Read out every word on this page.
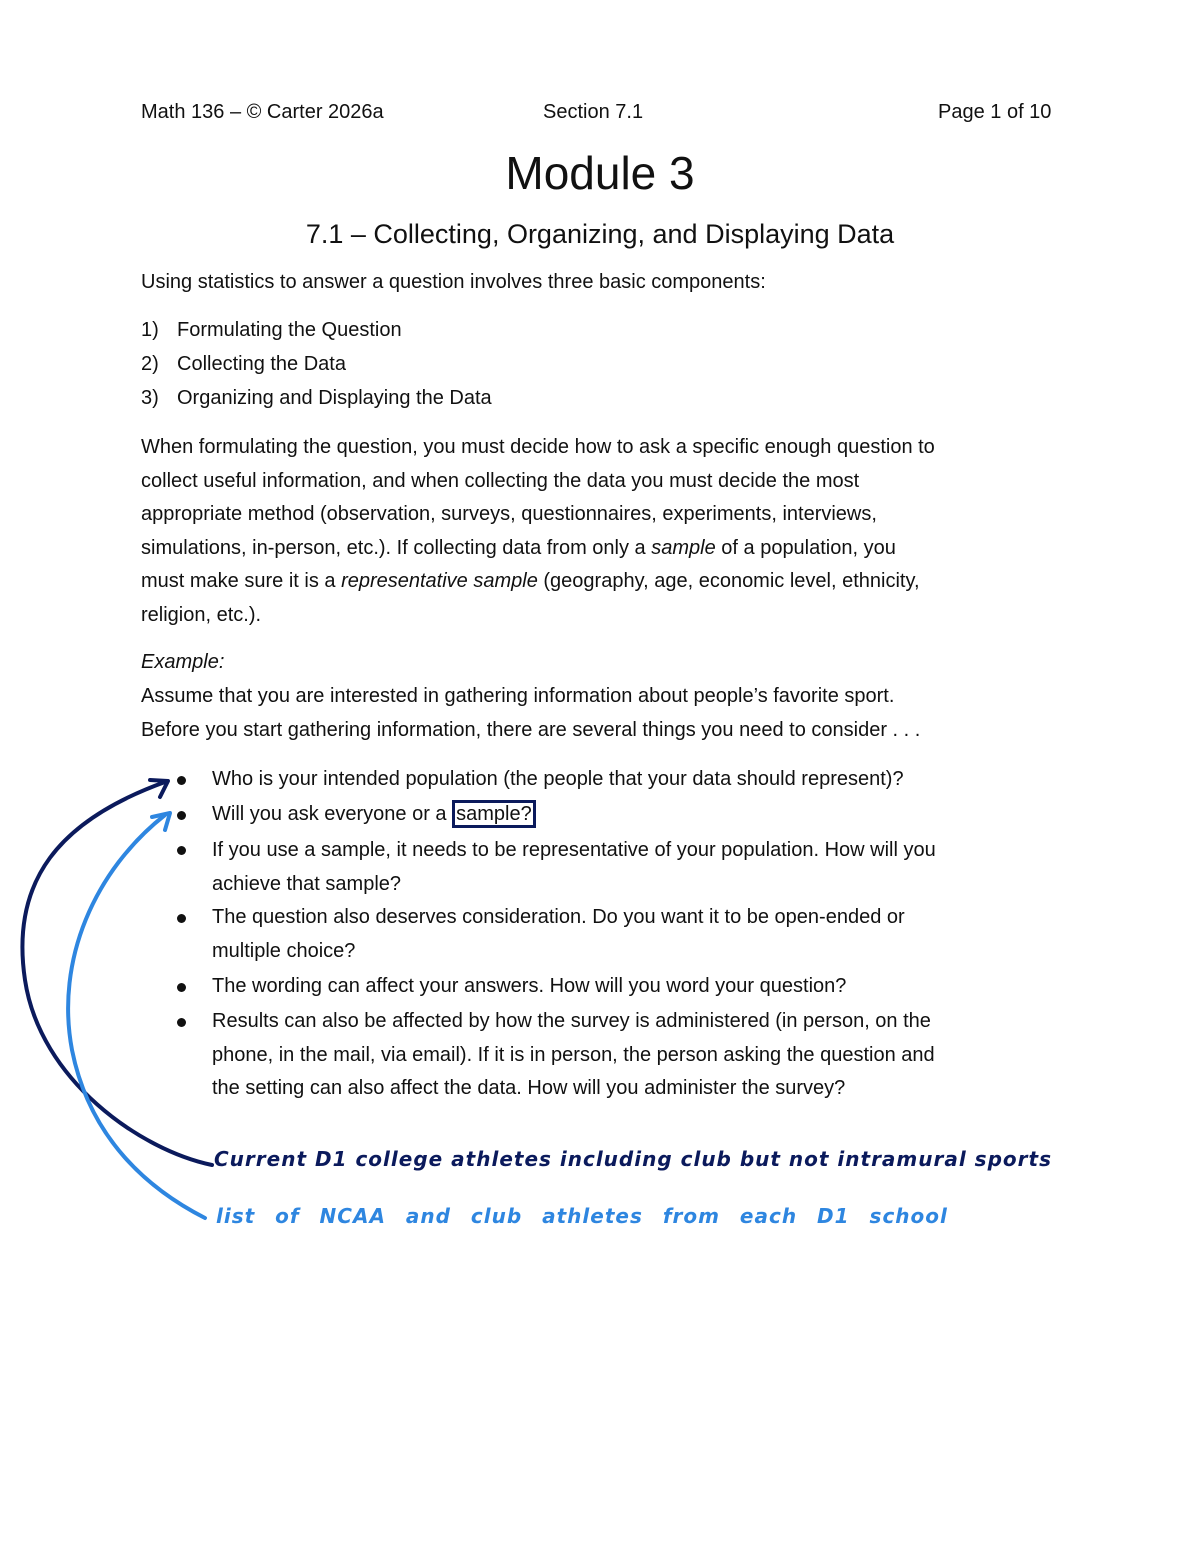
Math 136 – © Carter 2026a	Section 7.1	Page 1 of 10
Module 3
7.1 – Collecting, Organizing, and Displaying Data
Using statistics to answer a question involves three basic components:
1) Formulating the Question
2) Collecting the Data
3) Organizing and Displaying the Data
When formulating the question, you must decide how to ask a specific enough question to
collect useful information, and when collecting the data you must decide the most
appropriate method (observation, surveys, questionnaires, experiments, interviews,
simulations, in-person, etc.). If collecting data from only a sample of a population, you
must make sure it is a representative sample (geography, age, economic level, ethnicity,
religion, etc.).
Example:
Assume that you are interested in gathering information about people’s favorite sport.
Before you start gathering information, there are several things you need to consider . . .
Who is your intended population (the people that your data should represent)?
Will you ask everyone or a sample?
If you use a sample, it needs to be representative of your population. How will you
achieve that sample?
The question also deserves consideration. Do you want it to be open-ended or
multiple choice?
The wording can affect your answers. How will you word your question?
Results can also be affected by how the survey is administered (in person, on the
phone, in the mail, via email). If it is in person, the person asking the question and
the setting can also affect the data. How will you administer the survey?
Current D1 college athletes including club but not intramural sports
list of NCAA and club athletes from each D1 school
